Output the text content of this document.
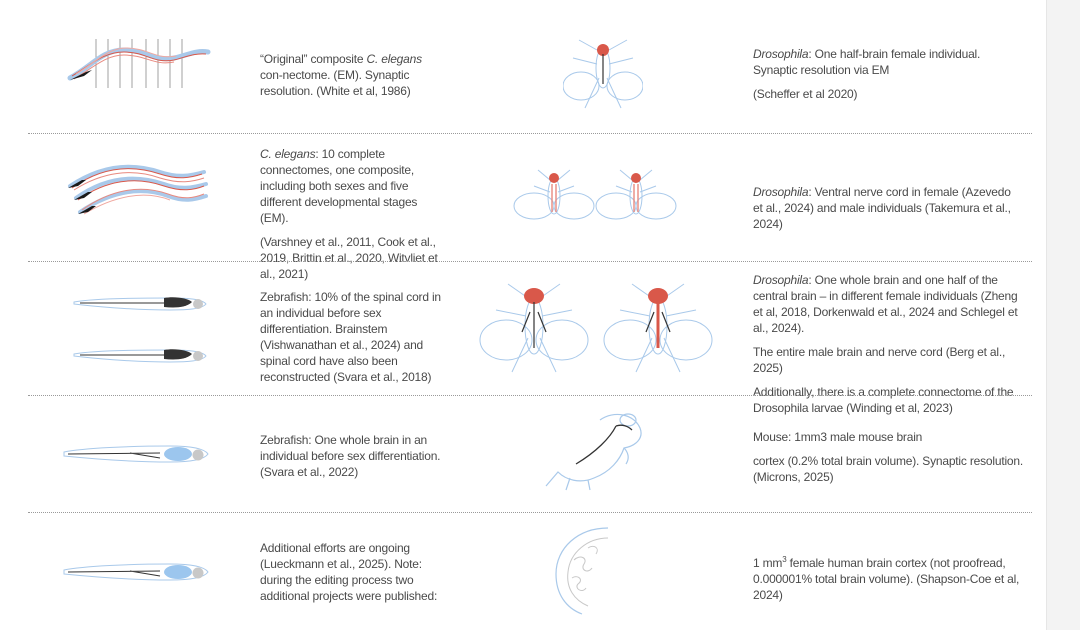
“Original” composite C. elegans con-nectome. (EM). Synaptic resolution. (White et al, 1986)

Drosophila: One half-brain female individual. Synaptic resolution via EM

(Scheffer et al 2020)

C. elegans: 10 complete connectomes, one composite, including both sexes and five different developmental stages (EM).

(Varshney et al., 2011, Cook et al., 2019, Brittin et al., 2020, Witvliet et al., 2021)

Drosophila: Ventral nerve cord in female (Azevedo et al., 2024) and male individuals (Takemura et al., 2024)

Zebrafish: 10% of the spinal cord in an individual before sex differentiation. Brainstem (Vishwanathan et al., 2024) and spinal cord have also been reconstructed (Svara et al., 2018)

Drosophila: One whole brain and one half of the central brain – in different female individuals (Zheng et al, 2018, Dorkenwald et al., 2024 and Schlegel et al., 2024).

The entire male brain and nerve cord (Berg et al., 2025)

Additionally, there is a complete connectome of the Drosophila larvae (Winding et al, 2023)

Zebrafish: One whole brain in an individual before sex differentiation. (Svara et al., 2022)

Mouse: 1mm3 male mouse brain

cortex (0.2% total brain volume). Synaptic resolution. (Microns, 2025)

Additional efforts are ongoing (Lueckmann et al., 2025). Note: during the editing process two additional projects were published:

1 $mm^3$ female human brain cortex (not proofread, 0.000001% total brain volume). (Shapson-Coe et al, 2024)
